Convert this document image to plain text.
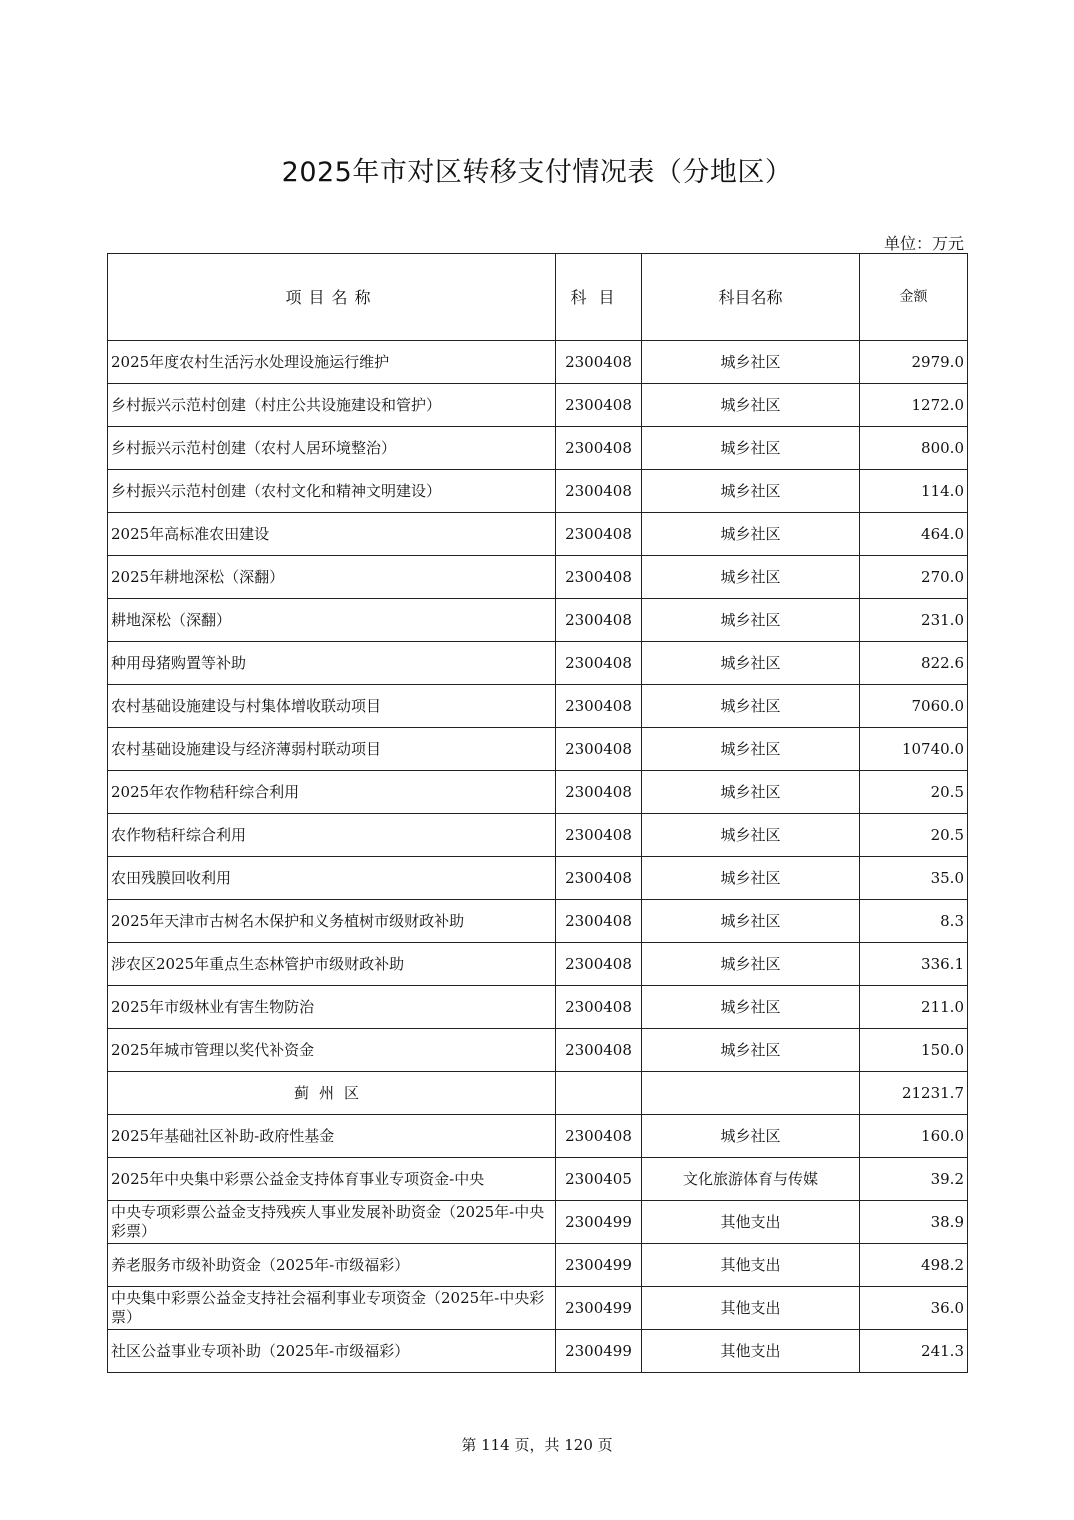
2025年市对区转移支付情况表（分地区）
单位：万元
项目名称	科目	科目名称	金额
2025年度农村生活污水处理设施运行维护	2300408	城乡社区	2979.0
乡村振兴示范村创建（村庄公共设施建设和管护）	2300408	城乡社区	1272.0
乡村振兴示范村创建（农村人居环境整治）	2300408	城乡社区	800.0
乡村振兴示范村创建（农村文化和精神文明建设）	2300408	城乡社区	114.0
2025年高标准农田建设	2300408	城乡社区	464.0
2025年耕地深松（深翻）	2300408	城乡社区	270.0
耕地深松（深翻）	2300408	城乡社区	231.0
种用母猪购置等补助	2300408	城乡社区	822.6
农村基础设施建设与村集体增收联动项目	2300408	城乡社区	7060.0
农村基础设施建设与经济薄弱村联动项目	2300408	城乡社区	10740.0
2025年农作物秸秆综合利用	2300408	城乡社区	20.5
农作物秸秆综合利用	2300408	城乡社区	20.5
农田残膜回收利用	2300408	城乡社区	35.0
2025年天津市古树名木保护和义务植树市级财政补助	2300408	城乡社区	8.3
涉农区2025年重点生态林管护市级财政补助	2300408	城乡社区	336.1
2025年市级林业有害生物防治	2300408	城乡社区	211.0
2025年城市管理以奖代补资金	2300408	城乡社区	150.0
蓟州区			21231.7
2025年基础社区补助-政府性基金	2300408	城乡社区	160.0
2025年中央集中彩票公益金支持体育事业专项资金-中央	2300405	文化旅游体育与传媒	39.2
中央专项彩票公益金支持残疾人事业发展补助资金（2025年-中央彩票）	2300499	其他支出	38.9
养老服务市级补助资金（2025年-市级福彩）	2300499	其他支出	498.2
中央集中彩票公益金支持社会福利事业专项资金（2025年-中央彩票）	2300499	其他支出	36.0
社区公益事业专项补助（2025年-市级福彩）	2300499	其他支出	241.3
第 114 页，共 120 页
